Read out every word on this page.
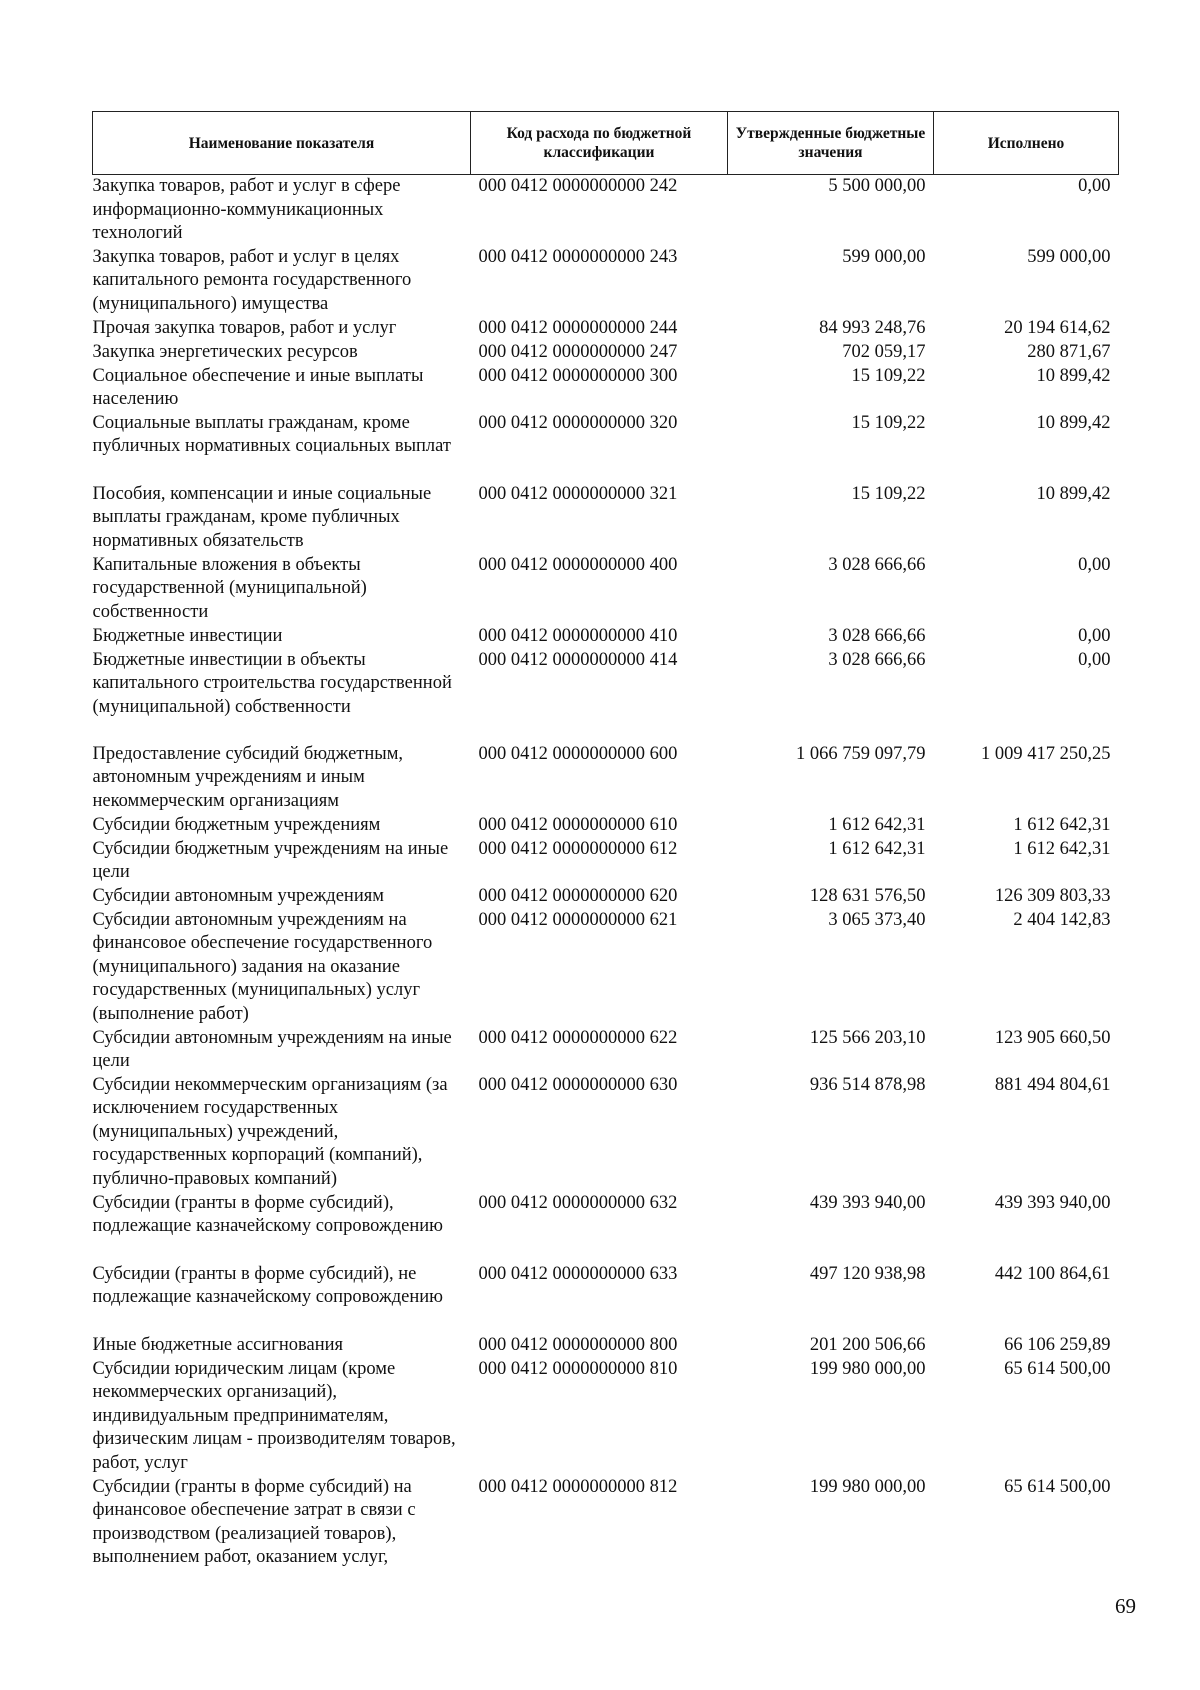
Наименование показателя	Код расхода по бюджетной классификации	Утвержденные бюджетные значения	Исполнено
Закупка товаров, работ и услуг в сфере информационно-коммуникационных технологий	000 0412 0000000000 242	5 500 000,00	0,00
Закупка товаров, работ и услуг в целях капитального ремонта государственного (муниципального) имущества	000 0412 0000000000 243	599 000,00	599 000,00
Прочая закупка товаров, работ и услуг	000 0412 0000000000 244	84 993 248,76	20 194 614,62
Закупка энергетических ресурсов	000 0412 0000000000 247	702 059,17	280 871,67
Социальное обеспечение и иные выплаты населению	000 0412 0000000000 300	15 109,22	10 899,42
Социальные выплаты гражданам, кроме публичных нормативных социальных выплат	000 0412 0000000000 320	15 109,22	10 899,42
Пособия, компенсации и иные социальные выплаты гражданам, кроме публичных нормативных обязательств	000 0412 0000000000 321	15 109,22	10 899,42
Капитальные вложения в объекты государственной (муниципальной) собственности	000 0412 0000000000 400	3 028 666,66	0,00
Бюджетные инвестиции	000 0412 0000000000 410	3 028 666,66	0,00
Бюджетные инвестиции в объекты капитального строительства государственной (муниципальной) собственности	000 0412 0000000000 414	3 028 666,66	0,00
Предоставление субсидий бюджетным, автономным учреждениям и иным некоммерческим организациям	000 0412 0000000000 600	1 066 759 097,79	1 009 417 250,25
Субсидии бюджетным учреждениям	000 0412 0000000000 610	1 612 642,31	1 612 642,31
Субсидии бюджетным учреждениям на иные цели	000 0412 0000000000 612	1 612 642,31	1 612 642,31
Субсидии автономным учреждениям	000 0412 0000000000 620	128 631 576,50	126 309 803,33
Субсидии автономным учреждениям на финансовое обеспечение государственного (муниципального) задания на оказание государственных (муниципальных) услуг (выполнение работ)	000 0412 0000000000 621	3 065 373,40	2 404 142,83
Субсидии автономным учреждениям на иные цели	000 0412 0000000000 622	125 566 203,10	123 905 660,50
Субсидии некоммерческим организациям (за исключением государственных (муниципальных) учреждений, государственных корпораций (компаний), публично-правовых компаний)	000 0412 0000000000 630	936 514 878,98	881 494 804,61
Субсидии (гранты в форме субсидий), подлежащие казначейскому сопровождению	000 0412 0000000000 632	439 393 940,00	439 393 940,00
Субсидии (гранты в форме субсидий), не подлежащие казначейскому сопровождению	000 0412 0000000000 633	497 120 938,98	442 100 864,61
Иные бюджетные ассигнования	000 0412 0000000000 800	201 200 506,66	66 106 259,89
Субсидии юридическим лицам (кроме некоммерческих организаций), индивидуальным предпринимателям, физическим лицам - производителям товаров, работ, услуг	000 0412 0000000000 810	199 980 000,00	65 614 500,00
Субсидии (гранты в форме субсидий) на финансовое обеспечение затрат в связи с производством (реализацией товаров), выполнением работ, оказанием услуг,	000 0412 0000000000 812	199 980 000,00	65 614 500,00
69
